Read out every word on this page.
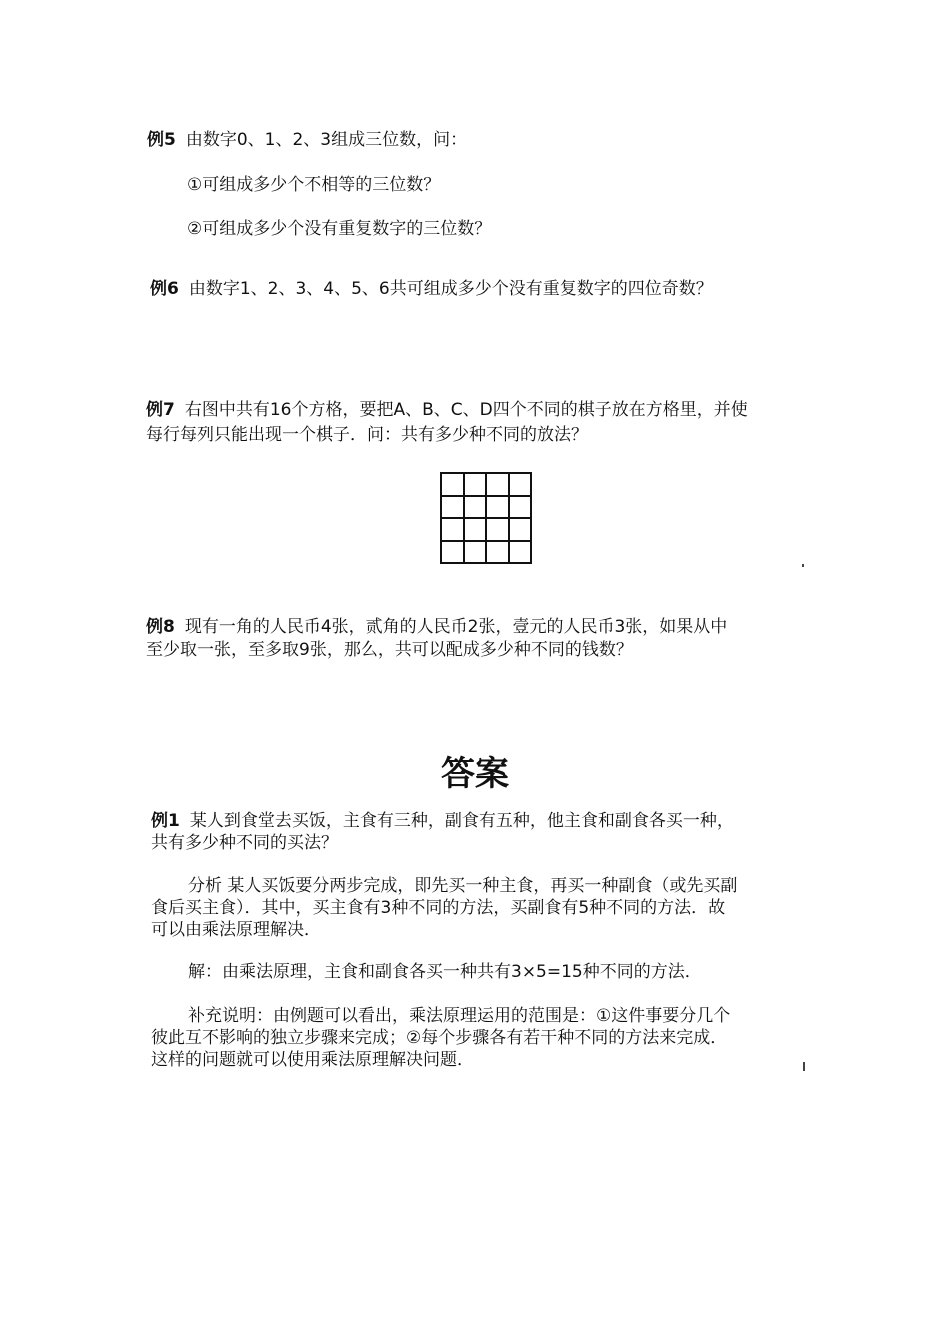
例5 由数字0、1、2、3组成三位数，问：
①可组成多少个不相等的三位数？
②可组成多少个没有重复数字的三位数？
例6 由数字1、2、3、4、5、6共可组成多少个没有重复数字的四位奇数？
例7 右图中共有16个方格，要把A、B、C、D四个不同的棋子放在方格里，并使
每行每列只能出现一个棋子．问：共有多少种不同的放法？
例8 现有一角的人民币4张，贰角的人民币2张，壹元的人民币3张，如果从中
至少取一张，至多取9张，那么，共可以配成多少种不同的钱数？
答案
例1 某人到食堂去买饭，主食有三种，副食有五种，他主食和副食各买一种，
共有多少种不同的买法？
分析 某人买饭要分两步完成，即先买一种主食，再买一种副食（或先买副
食后买主食）．其中，买主食有3种不同的方法，买副食有5种不同的方法．故
可以由乘法原理解决．
解：由乘法原理，主食和副食各买一种共有3×5=15种不同的方法．
补充说明：由例题可以看出，乘法原理运用的范围是：①这件事要分几个
彼此互不影响的独立步骤来完成；②每个步骤各有若干种不同的方法来完成．
这样的问题就可以使用乘法原理解决问题．
